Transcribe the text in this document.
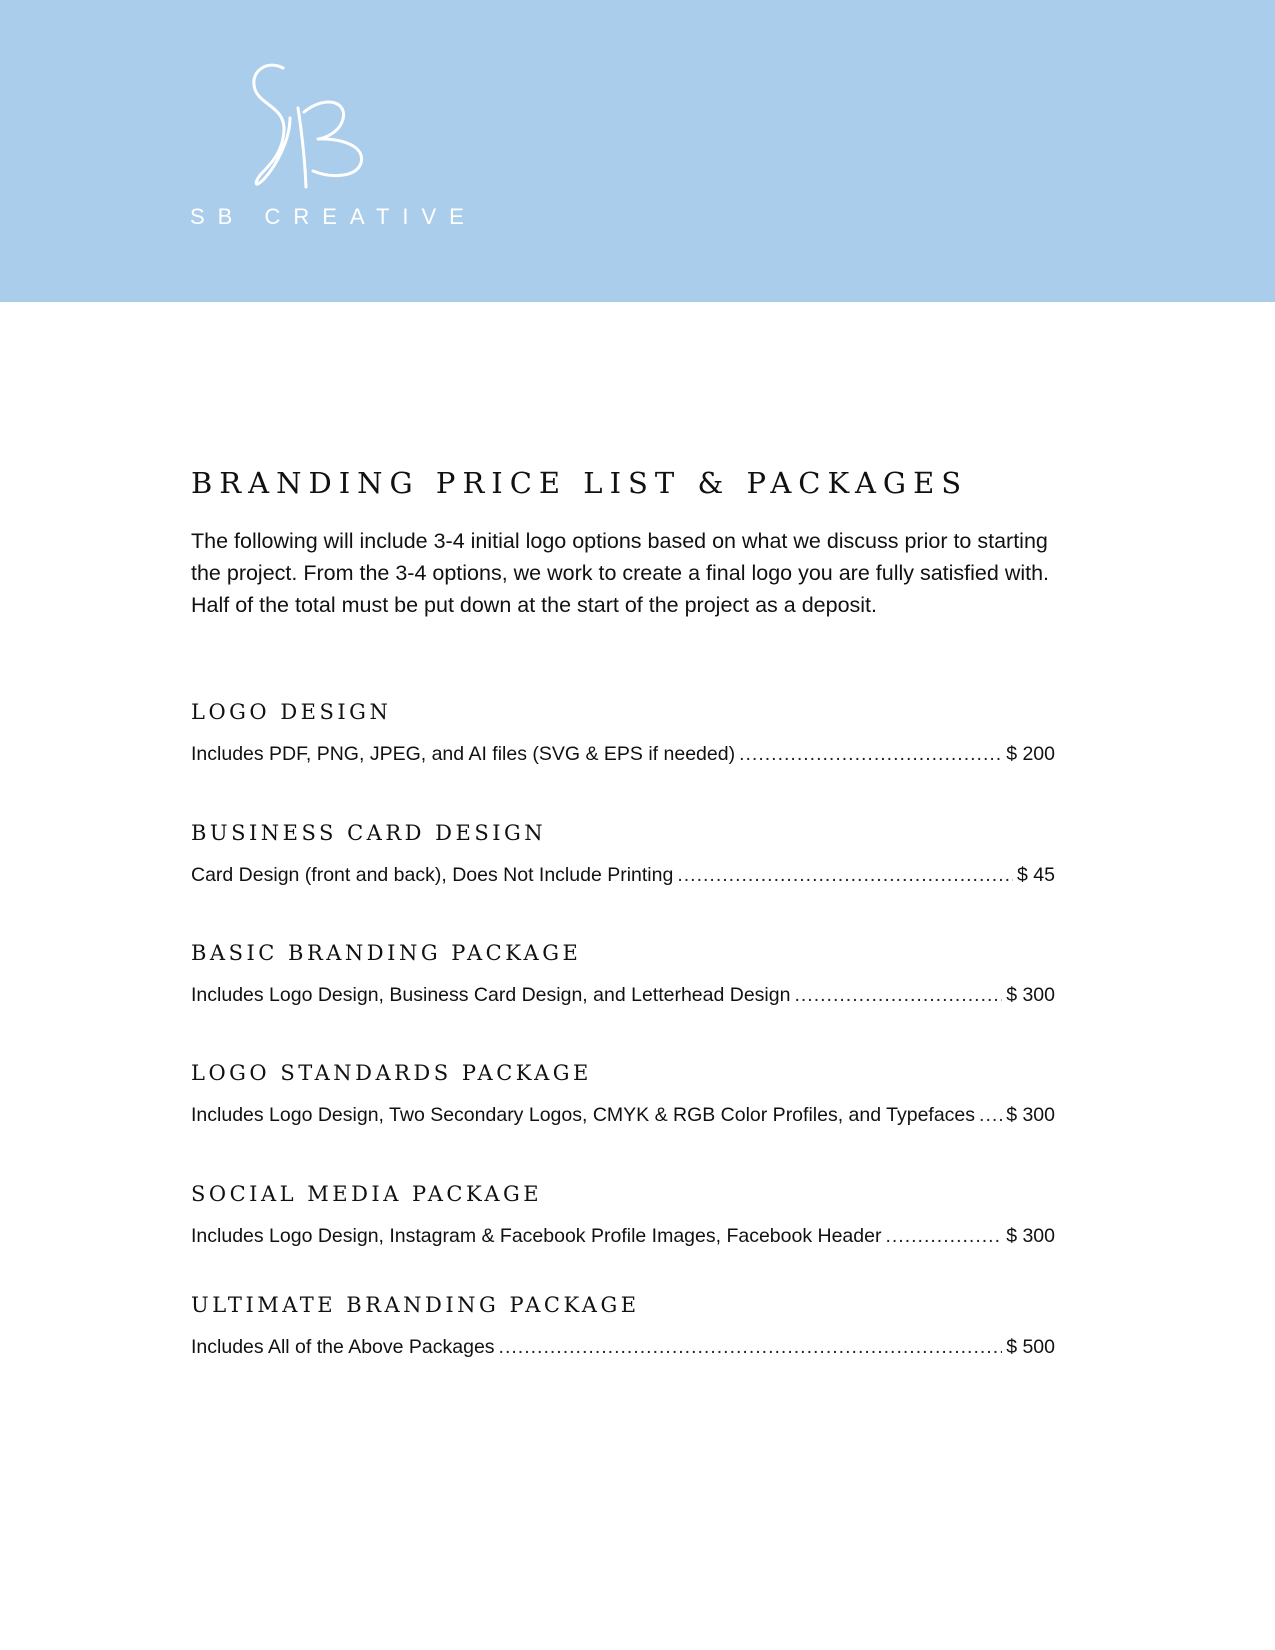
SB CREATIVE

BRANDING PRICE LIST & PACKAGES

The following will include 3-4 initial logo options based on what we discuss prior to starting the project. From the 3-4 options, we work to create a final logo you are fully satisfied with. Half of the total must be put down at the start of the project as a deposit.

LOGO DESIGN
Includes PDF, PNG, JPEG, and AI files (SVG & EPS if needed) .....	$ 200
BUSINESS CARD DESIGN
Card Design (front and back), Does Not Include Printing .....	$ 45
BASIC BRANDING PACKAGE
Includes Logo Design, Business Card Design, and Letterhead Design .....	$ 300
LOGO STANDARDS PACKAGE
Includes Logo Design, Two Secondary Logos, CMYK & RGB Color Profiles, and Typefaces ..... $ 300
SOCIAL MEDIA PACKAGE
Includes Logo Design, Instagram & Facebook Profile Images, Facebook Header .....	$ 300
ULTIMATE BRANDING PACKAGE
Includes All of the Above Packages .....	$ 500
